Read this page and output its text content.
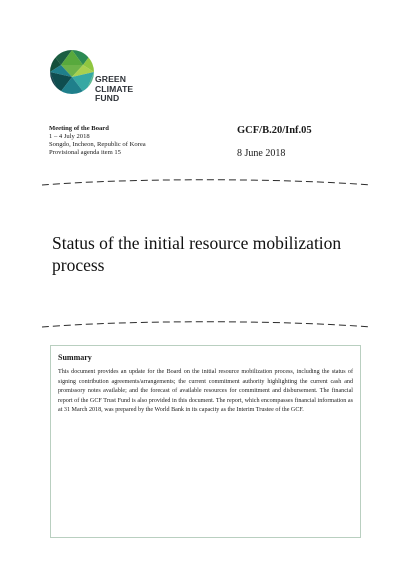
GREEN
CLIMATE
FUND
Meeting of the Board
1 – 4 July 2018
Songdo, Incheon, Republic of Korea
Provisional agenda item 15
GCF/B.20/Inf.05
8 June 2018
Status of the initial resource mobilization process
Summary
This document provides an update for the Board on the initial resource mobilization process, including the status of signing contribution agreements/arrangements; the current commitment authority highlighting the current cash and promissory notes available; and the forecast of available resources for commitment and disbursement. The financial report of the GCF Trust Fund is also provided in this document. The report, which encompasses financial information as at 31 March 2018, was prepared by the World Bank in its capacity as the Interim Trustee of the GCF.
